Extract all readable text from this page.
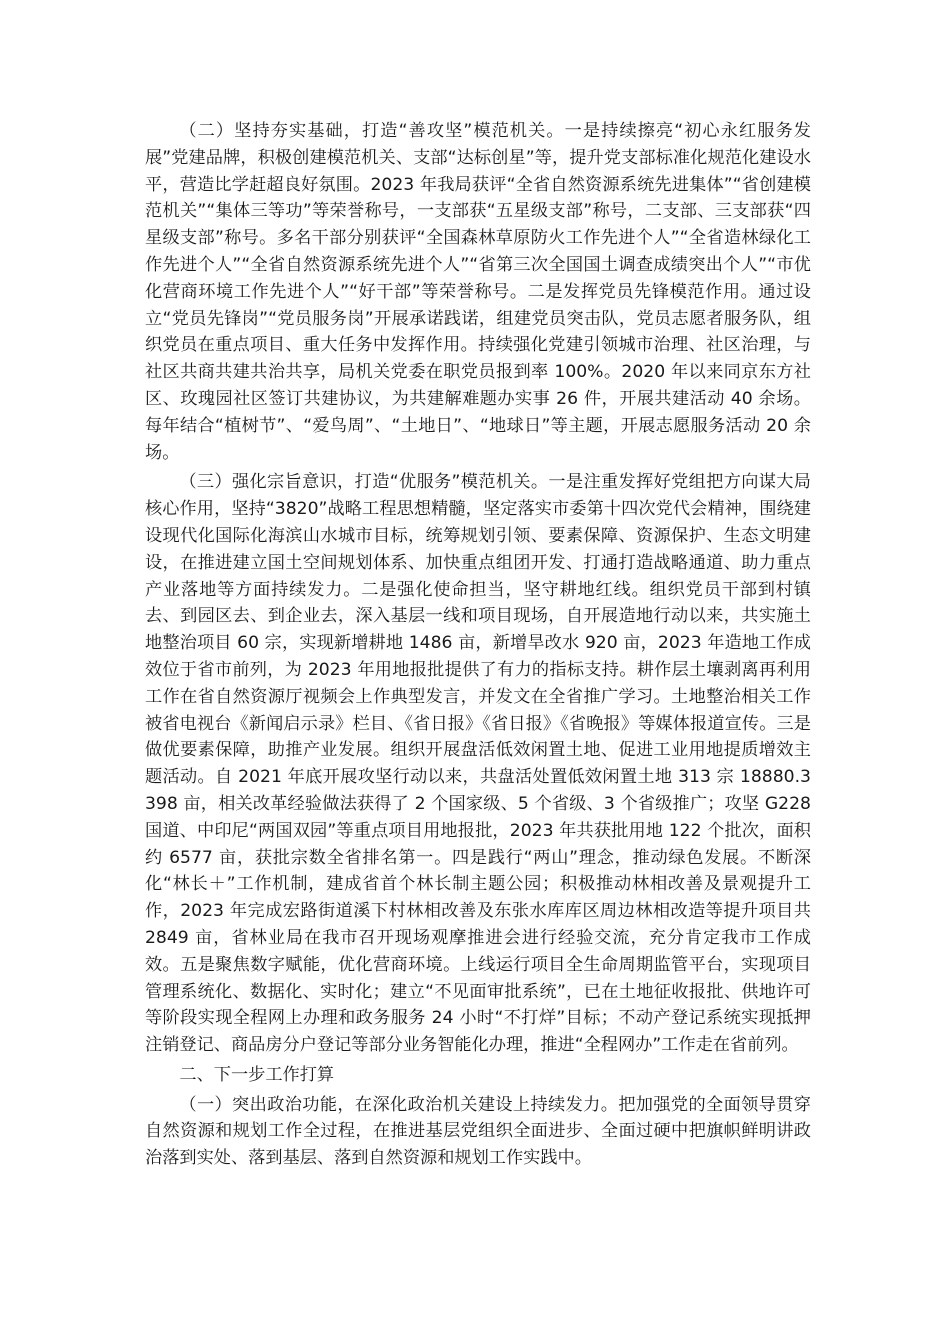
（二）坚持夯实基础，打造“善攻坚”模范机关。一是持续擦亮“初心永红服务发展”党建品牌，积极创建模范机关、支部“达标创星”等，提升党支部标准化规范化建设水平，营造比学赶超良好氛围。2023 年我局获评“全省自然资源系统先进集体”“省创建模范机关”“集体三等功”等荣誉称号，一支部获“五星级支部”称号，二支部、三支部获“四星级支部”称号。多名干部分别获评“全国森林草原防火工作先进个人”“全省造林绿化工作先进个人”“全省自然资源系统先进个人”“省第三次全国国土调查成绩突出个人”“市优化营商环境工作先进个人”“好干部”等荣誉称号。二是发挥党员先锋模范作用。通过设立“党员先锋岗”“党员服务岗”开展承诺践诺，组建党员突击队，党员志愿者服务队，组织党员在重点项目、重大任务中发挥作用。持续强化党建引领城市治理、社区治理，与社区共商共建共治共享，局机关党委在职党员报到率 100%。2020 年以来同京东方社区、玫瑰园社区签订共建协议，为共建解难题办实事 26 件，开展共建活动 40 余场。每年结合“植树节”、“爱鸟周”、“土地日”、“地球日”等主题，开展志愿服务活动 20 余场。

（三）强化宗旨意识，打造“优服务”模范机关。一是注重发挥好党组把方向谋大局核心作用，坚持“3820”战略工程思想精髓，坚定落实市委第十四次党代会精神，围绕建设现代化国际化海滨山水城市目标，统筹规划引领、要素保障、资源保护、生态文明建设，在推进建立国土空间规划体系、加快重点组团开发、打通打造战略通道、助力重点产业落地等方面持续发力。二是强化使命担当，坚守耕地红线。组织党员干部到村镇去、到园区去、到企业去，深入基层一线和项目现场，自开展造地行动以来，共实施土地整治项目 60 宗，实现新增耕地 1486 亩，新增旱改水 920 亩，2023 年造地工作成效位于省市前列，为 2023 年用地报批提供了有力的指标支持。耕作层土壤剥离再利用工作在省自然资源厅视频会上作典型发言，并发文在全省推广学习。土地整治相关工作被省电视台《新闻启示录》栏目、《省日报》《省日报》《省晚报》等媒体报道宣传。三是做优要素保障，助推产业发展。组织开展盘活低效闲置土地、促进工业用地提质增效主题活动。自 2021 年底开展攻坚行动以来，共盘活处置低效闲置土地 313 宗 18880.3398 亩，相关改革经验做法获得了 2 个国家级、5 个省级、3 个省级推广；攻坚 G228 国道、中印尼“两国双园”等重点项目用地报批，2023 年共获批用地 122 个批次，面积约 6577 亩，获批宗数全省排名第一。四是践行“两山”理念，推动绿色发展。不断深化“林长＋”工作机制，建成省首个林长制主题公园；积极推动林相改善及景观提升工作，2023 年完成宏路街道溪下村林相改善及东张水库库区周边林相改造等提升项目共 2849 亩，省林业局在我市召开现场观摩推进会进行经验交流，充分肯定我市工作成效。五是聚焦数字赋能，优化营商环境。上线运行项目全生命周期监管平台，实现项目管理系统化、数据化、实时化；建立“不见面审批系统”，已在土地征收报批、供地许可等阶段实现全程网上办理和政务服务 24 小时“不打烊”目标；不动产登记系统实现抵押注销登记、商品房分户登记等部分业务智能化办理，推进“全程网办”工作走在省前列。

二、下一步工作打算

（一）突出政治功能，在深化政治机关建设上持续发力。把加强党的全面领导贯穿自然资源和规划工作全过程，在推进基层党组织全面进步、全面过硬中把旗帜鲜明讲政治落到实处、落到基层、落到自然资源和规划工作实践中。
